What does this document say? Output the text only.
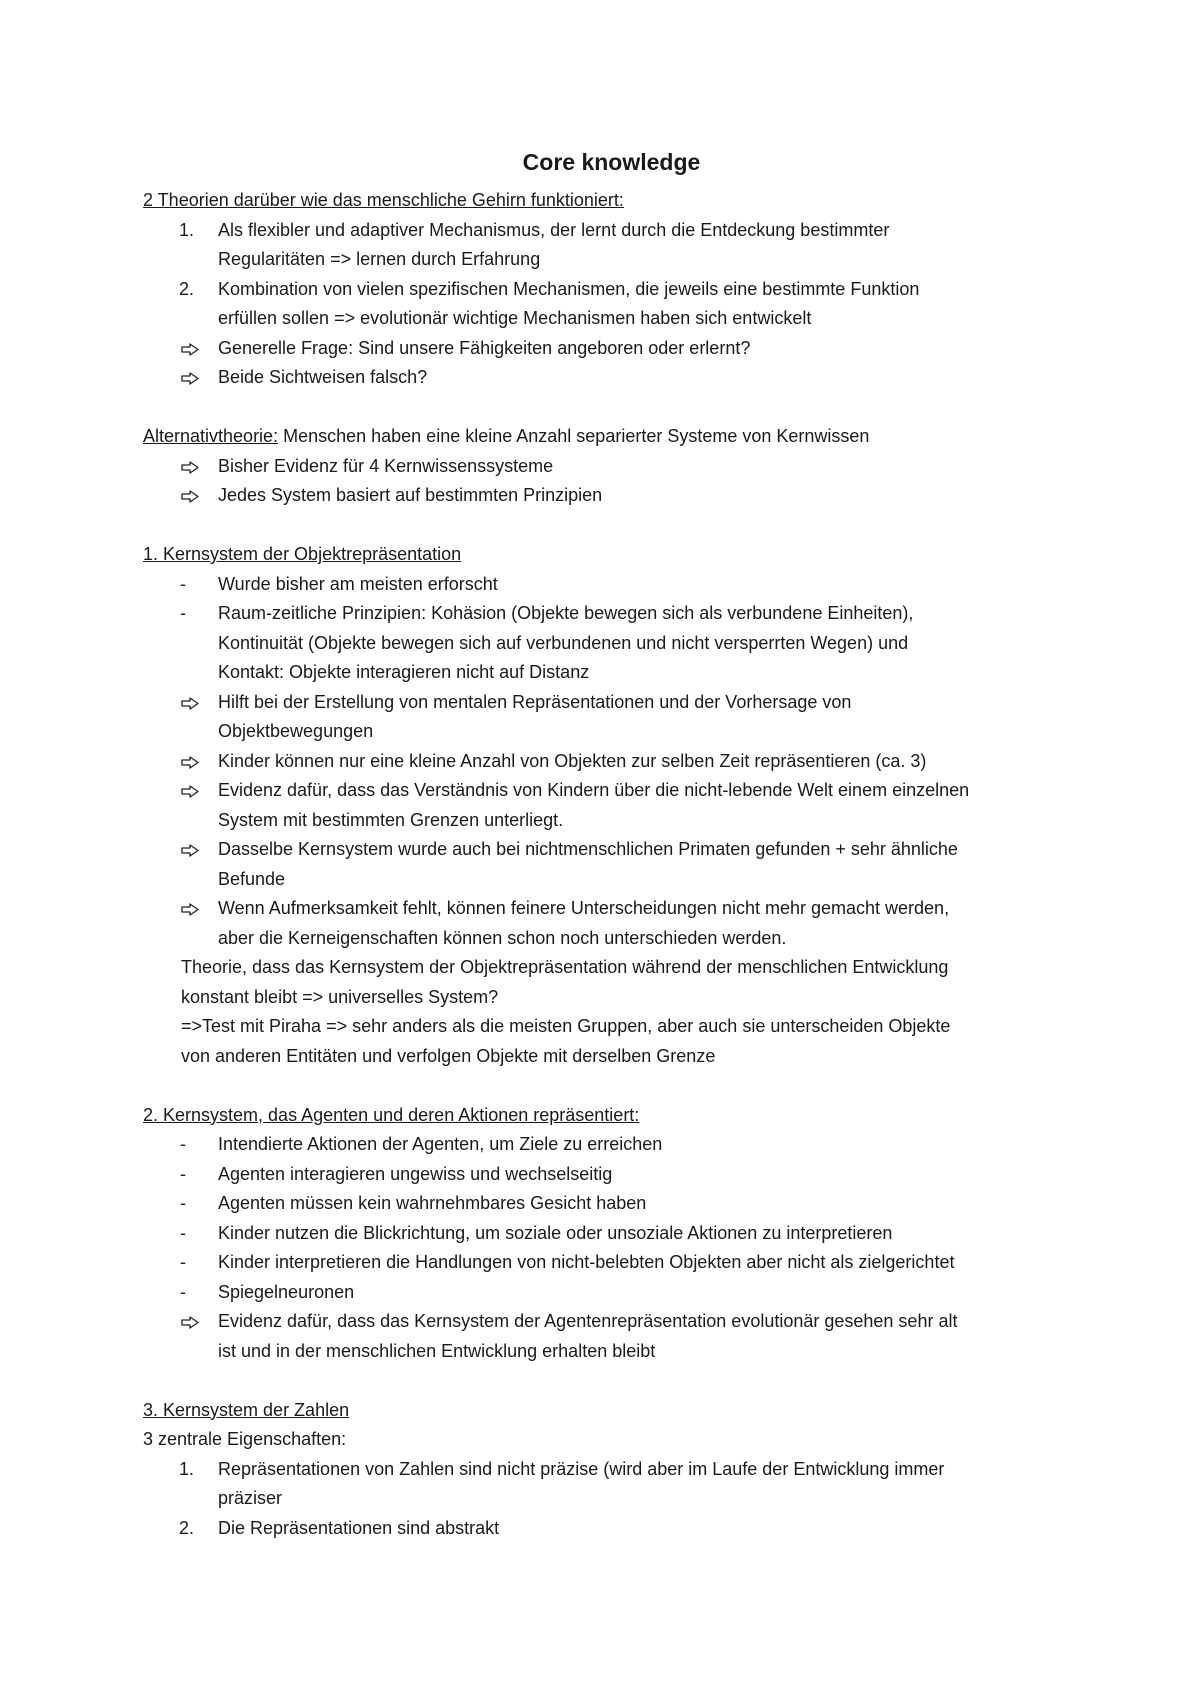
Core knowledge
2 Theorien darüber wie das menschliche Gehirn funktioniert:
1.	Als flexibler und adaptiver Mechanismus, der lernt durch die Entdeckung bestimmter
Regularitäten => lernen durch Erfahrung
2.	Kombination von vielen spezifischen Mechanismen, die jeweils eine bestimmte Funktion
erfüllen sollen => evolutionär wichtige Mechanismen haben sich entwickelt
Generelle Frage: Sind unsere Fähigkeiten angeboren oder erlernt?
Beide Sichtweisen falsch?
Alternativtheorie: Menschen haben eine kleine Anzahl separierter Systeme von Kernwissen
Bisher Evidenz für 4 Kernwissenssysteme
Jedes System basiert auf bestimmten Prinzipien
1. Kernsystem der Objektrepräsentation
-	Wurde bisher am meisten erforscht
-	Raum-zeitliche Prinzipien: Kohäsion (Objekte bewegen sich als verbundene Einheiten),
Kontinuität (Objekte bewegen sich auf verbundenen und nicht versperrten Wegen) und
Kontakt: Objekte interagieren nicht auf Distanz
Hilft bei der Erstellung von mentalen Repräsentationen und der Vorhersage von
Objektbewegungen
Kinder können nur eine kleine Anzahl von Objekten zur selben Zeit repräsentieren (ca. 3)
Evidenz dafür, dass das Verständnis von Kindern über die nicht-lebende Welt einem einzelnen
System mit bestimmten Grenzen unterliegt.
Dasselbe Kernsystem wurde auch bei nichtmenschlichen Primaten gefunden + sehr ähnliche
Befunde
Wenn Aufmerksamkeit fehlt, können feinere Unterscheidungen nicht mehr gemacht werden,
aber die Kerneigenschaften können schon noch unterschieden werden.
Theorie, dass das Kernsystem der Objektrepräsentation während der menschlichen Entwicklung
konstant bleibt => universelles System?
=>Test mit Piraha => sehr anders als die meisten Gruppen, aber auch sie unterscheiden Objekte
von anderen Entitäten und verfolgen Objekte mit derselben Grenze
2. Kernsystem, das Agenten und deren Aktionen repräsentiert:
-	Intendierte Aktionen der Agenten, um Ziele zu erreichen
-	Agenten interagieren ungewiss und wechselseitig
-	Agenten müssen kein wahrnehmbares Gesicht haben
-	Kinder nutzen die Blickrichtung, um soziale oder unsoziale Aktionen zu interpretieren
-	Kinder interpretieren die Handlungen von nicht-belebten Objekten aber nicht als zielgerichtet
-	Spiegelneuronen
Evidenz dafür, dass das Kernsystem der Agentenrepräsentation evolutionär gesehen sehr alt
ist und in der menschlichen Entwicklung erhalten bleibt
3. Kernsystem der Zahlen
3 zentrale Eigenschaften:
1.	Repräsentationen von Zahlen sind nicht präzise (wird aber im Laufe der Entwicklung immer
präziser
2.	Die Repräsentationen sind abstrakt
